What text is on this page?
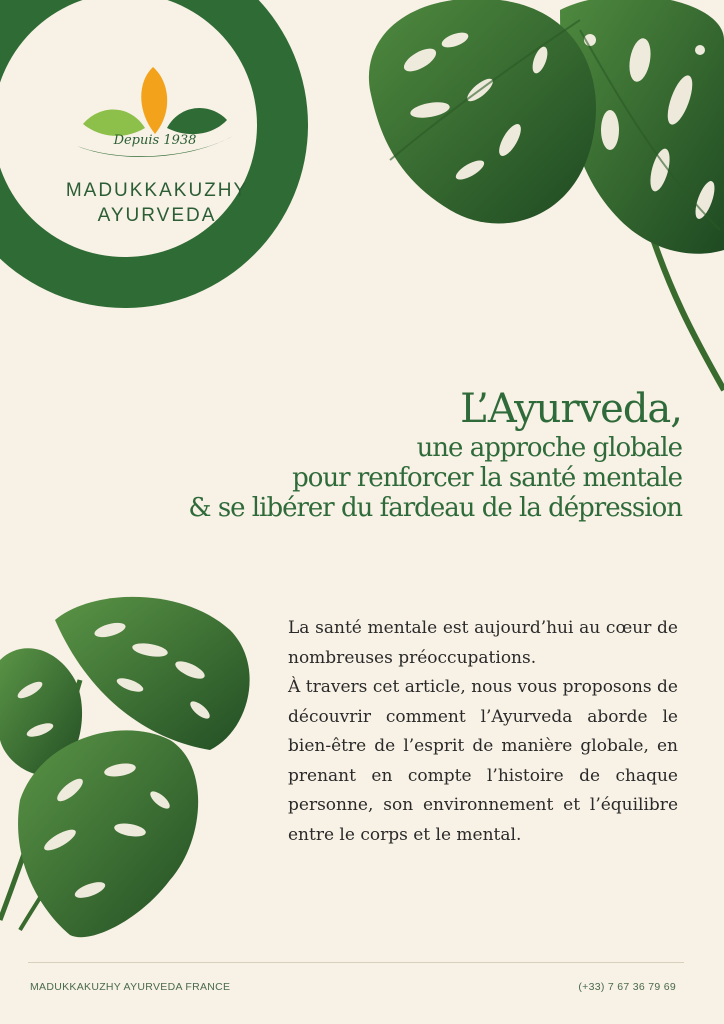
Depuis 1938
MADUKKAKUZHY
AYURVEDA
L’Ayurveda,
une approche globale
pour renforcer la santé mentale
& se libérer du fardeau de la dépression

La santé mentale est aujourd’hui au cœur de nombreuses préoccupations.

À travers cet article, nous vous proposons de découvrir comment l’Ayurveda aborde le bien-être de l’esprit de manière globale, en prenant en compte l’histoire de chaque personne, son environnement et l’équilibre entre le corps et le mental.

MADUKKAKUZHY AYURVEDA FRANCE	(+33) 7 67 36 79 69
